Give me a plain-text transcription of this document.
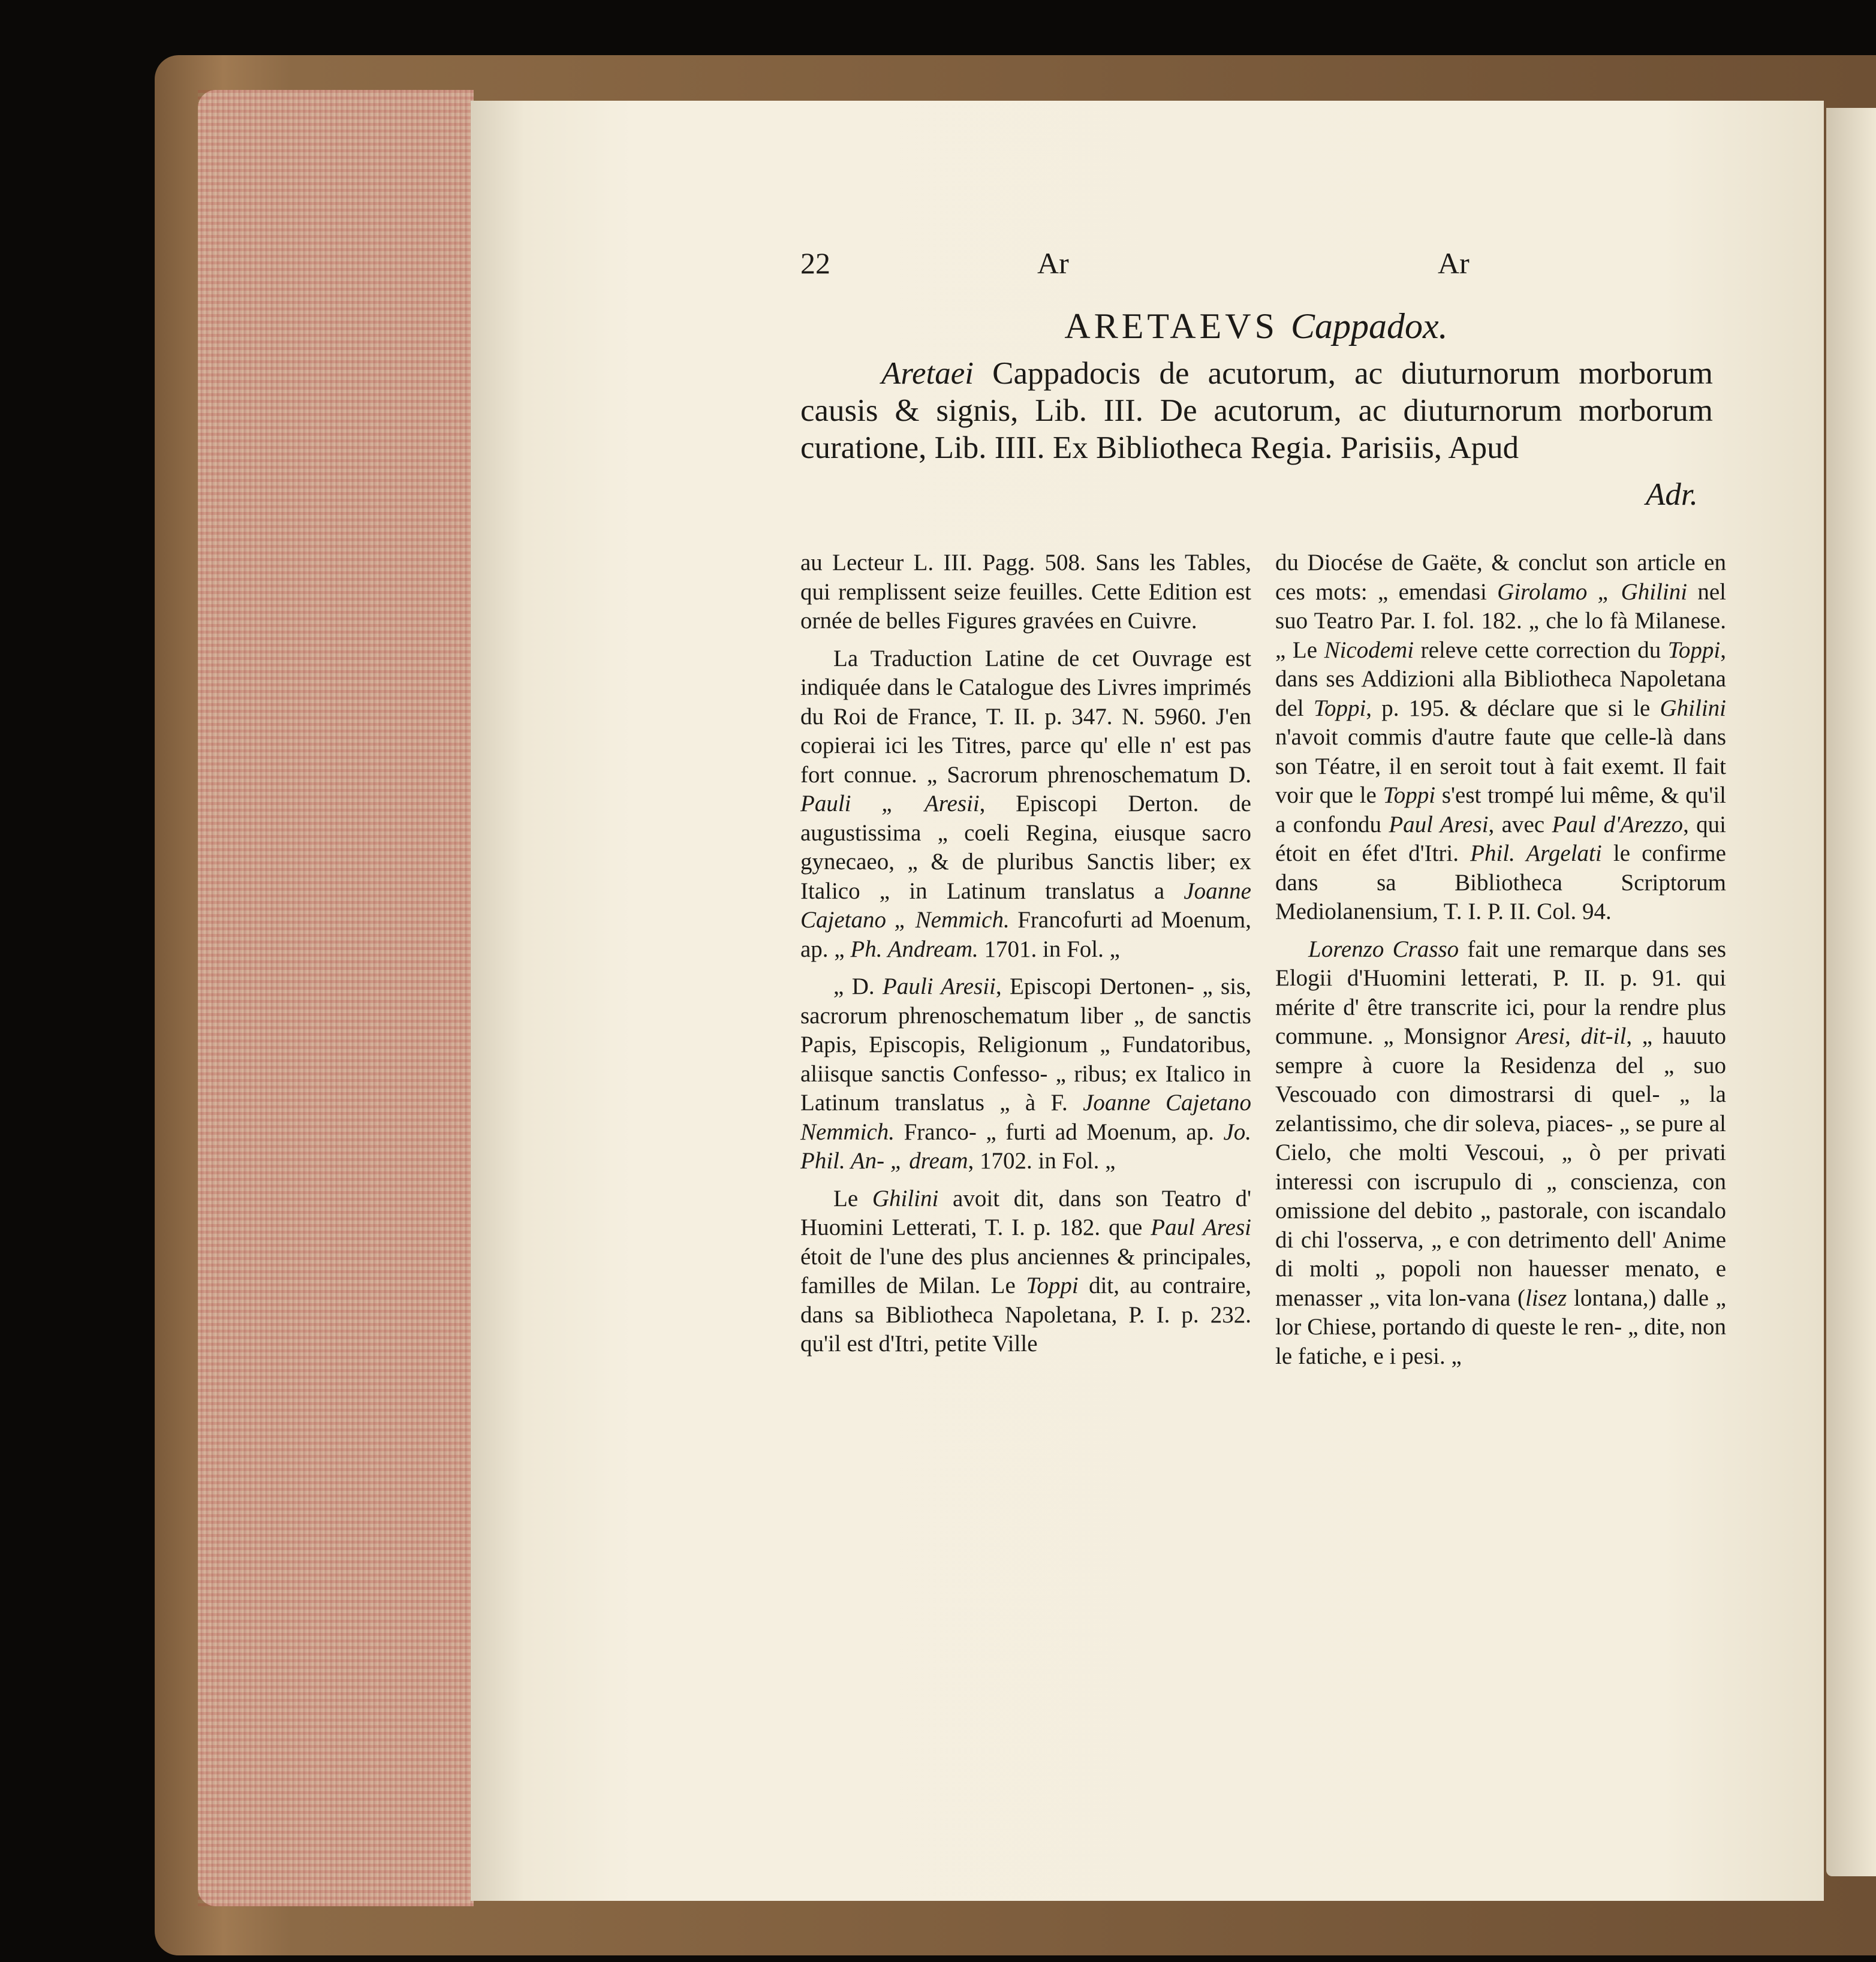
22	Ar	Ar
ARETAEVS Cappadox.
Aretaei Cappadocis de acutorum, ac diuturnorum morborum causis & signis, Lib. III. De acutorum, ac diuturnorum morborum curatione, Lib. IIII. Ex Bibliotheca Regia. Parisiis, Apud
Adr.

au Lecteur L. III. Pagg. 508. Sans les Tables, qui remplissent seize feuilles. Cette Edition est ornée de belles Figures gravées en Cuivre.

La Traduction Latine de cet Ouvrage est indiquée dans le Catalogue des Livres imprimés du Roi de France, T. II. p. 347. N. 5960. J'en copierai ici les Titres, parce qu' elle n' est pas fort connue. „ Sacrorum phrenoschematum D. Pauli „ Aresii, Episcopi Derton. de augustissima „ coeli Regina, eiusque sacro gynecaeo, „ & de pluribus Sanctis liber; ex Italico „ in Latinum translatus a Joanne Cajetano „ Nemmich. Francofurti ad Moenum, ap. „ Ph. Andream. 1701. in Fol. „

„ D. Pauli Aresii, Episcopi Dertonen- „ sis, sacrorum phrenoschematum liber „ de sanctis Papis, Episcopis, Religionum „ Fundatoribus, aliisque sanctis Confesso- „ ribus; ex Italico in Latinum translatus „ à F. Joanne Cajetano Nemmich. Franco- „ furti ad Moenum, ap. Jo. Phil. An- „ dream, 1702. in Fol. „

Le Ghilini avoit dit, dans son Teatro d' Huomini Letterati, T. I. p. 182. que Paul Aresi étoit de l'une des plus anciennes & principales, familles de Milan. Le Toppi dit, au contraire, dans sa Bibliotheca Napoletana, P. I. p. 232. qu'il est d'Itri, petite Ville

du Diocése de Gaëte, & conclut son article en ces mots: „ emendasi Girolamo „ Ghilini nel suo Teatro Par. I. fol. 182. „ che lo fà Milanese. „ Le Nicodemi releve cette correction du Toppi, dans ses Addizioni alla Bibliotheca Napoletana del Toppi, p. 195. & déclare que si le Ghilini n'avoit commis d'autre faute que celle-là dans son Téatre, il en seroit tout à fait exemt. Il fait voir que le Toppi s'est trompé lui même, & qu'il a confondu Paul Aresi, avec Paul d'Arezzo, qui étoit en éfet d'Itri. Phil. Argelati le confirme dans sa Bibliotheca Scriptorum Mediolanensium, T. I. P. II. Col. 94.

Lorenzo Crasso fait une remarque dans ses Elogii d'Huomini letterati, P. II. p. 91. qui mérite d' être transcrite ici, pour la rendre plus commune. „ Monsignor Aresi, dit-il, „ hauuto sempre à cuore la Residenza del „ suo Vescouado con dimostrarsi di quel- „ la zelantissimo, che dir soleva, piaces- „ se pure al Cielo, che molti Vescoui, „ ò per privati interessi con iscrupulo di „ conscienza, con omissione del debito „ pastorale, con iscandalo di chi l'osserva, „ e con detrimento dell' Anime di molti „ popoli non hauesser menato, e menasser „ vita lon-vana (lisez lontana,) dalle „ lor Chiese, portando di queste le ren- „ dite, non le fatiche, e i pesi. „
